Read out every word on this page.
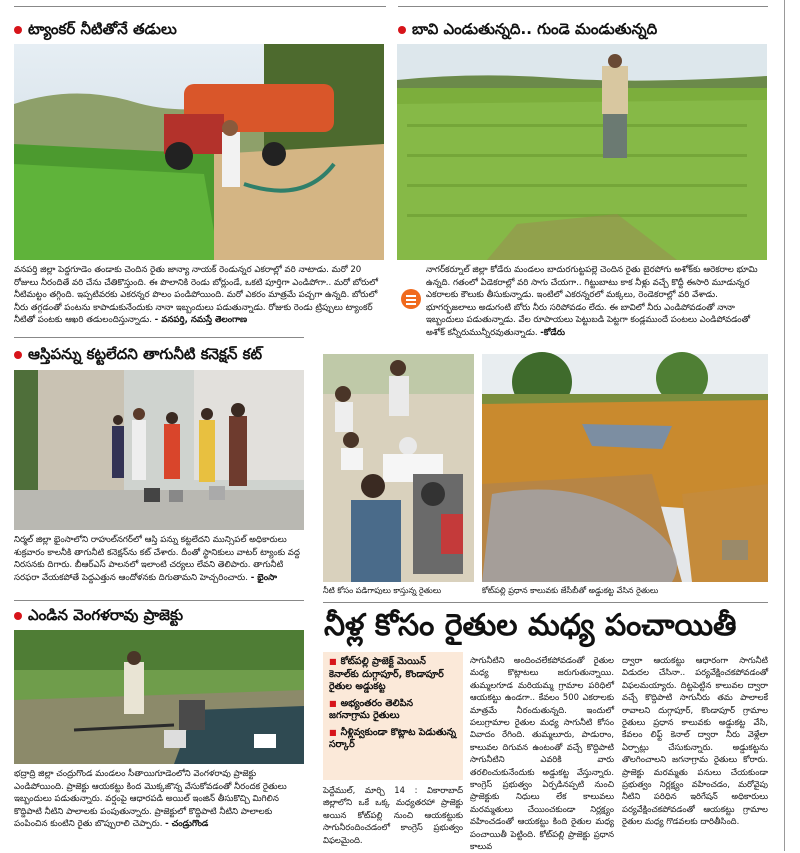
ట్యాంకర్ నీటితోనే తడులు
వనపర్తి జిల్లా పెద్దగూడెం తండాకు చెందిన రైతు జాన్యా నాయక్ రెండున్నర ఎకరాల్లో వరి నాటాడు. మరో 20 రోజులు నీరందితే వరి చేను చేతికొస్తుంది. ఈ పొలానికి రెండు బోర్లుండే, ఒకటి పూర్తిగా ఎండిపోగా.. మరో బోరులో నీటిమట్టం తగ్గింది. ఇప్పటివరకు ఎకరన్నర పొలం పండిపోయింది. మరో ఎకరం మాత్రమే పచ్చగా ఉన్నది. బోరులో నీరు తగ్గడంతో పంటను కాపాడుకునేందుకు నానా ఇబ్బందులు పడుతున్నాడు. రోజుకు రెండు ట్రిప్పులు ట్యాంకర్ నీటితో పంటకు ఆఖరి తడులందిస్తున్నాడు. - వనపర్తి, నమస్తే తెలంగాణ
బావి ఎండుతున్నది.. గుండె మండుతున్నది
నాగర్‌కర్నూల్ జిల్లా కోడేరు మండలం బాదురగుట్టపల్లె చెందిన రైతు బైరపోగు అశోక్‌కు ఆరెకరాల భూమి ఉన్నది. గతంలో ఏడెకరాల్లో వరి సాగు చేయగా.. గిట్టుబాటు కాక నీళ్లు వచ్చే కొద్దీ ఈసారి మూడున్నర ఎకరాలకు కౌలుకు తీసుకున్నాడు. ఇంటిలో ఎకరన్నరలో మక్కలు, రెండెకరాల్లో వరి వేశాడు. భూగర్భజలాలు అడుగంటి బోరు నీరు సరిపోవడం లేదు. ఈ బావిలో నీరు ఎండిపోవడంతో నానా ఇబ్బందులు పడుతున్నాడు. వేల రూపాయలు పెట్టుబడి పెట్టగా కండ్లముందే పంటలు ఎండిపోవడంతో అశోక్ కన్నీరుమున్నీరవుతున్నాడు. -కోడేరు
ఆస్తిపన్ను కట్టలేదని తాగునీటి కనెక్షన్ కట్
నిర్మల్ జిల్లా భైంసాలోని రాహుల్‌నగర్‌లో ఆస్తి పన్ను కట్టలేదని మున్సిపల్ అధికారులు శుక్రవారం కాలనీకి తాగునీటి కనెక్షన్‌ను కట్ చేశారు. దీంతో స్థానికులు వాటర్ ట్యాంకు వద్ద నిరసనకు దిగారు. బీఆర్‌ఎస్ పాలనలో ఇలాంటి చర్యలు లేవని తెలిపారు. తాగునీటి సరఫరా వేయకపోతే పెద్దఎత్తున ఆందోళనకు దిగుతామని హెచ్చరించారు. - భైంసా
నీటి కోసం పడిగాపులు కాస్తున్న రైతులు	కోట్‌పల్లి ప్రధాన కాలువకు జేసీబీతో అడ్డుకట్ట వేసిన రైతులు
ఎండిన వెంగళరావు ప్రాజెక్టు
భద్రాద్రి జిల్లా చంద్రుగొండ మండలం సీతాయిగూడెంలోని వెంగళరావు ప్రాజెక్టు ఎండిపోయింది. ప్రాజెక్టు ఆయకట్టు కింద మొక్కజొన్న వేసుకోవడంతో నీరందక రైతులు ఇబ్బందులు పడుతున్నారు. వర్షంపై ఆధారపడి అయిల్ ఇంజిన్ తీసుకొచ్చి మిగిలిన కొద్దిపాటి నీటిని పాలాలకు పంపుతున్నారు. ప్రాజెక్టులో కొద్దిపాటి నీటిని పాలాలకు పంపించిన కుంటిని రైతు బొప్పురాలి చెప్పారు. - చండ్రుగొండ
నీళ్ల కోసం రైతుల మధ్య పంచాయితీ
■ కోట్‌పల్లి ప్రాజెక్ట్ మెయిన్ కెనాల్‌కు దుగ్గాపూర్, కొండాపూర్ రైతుల అడ్డుకట్ట
■ అభ్యంతరం తెలిపిన జగనాగ్రామ రైతులు
■ నీళ్లివ్వకుండా కొట్లాట పెడుతున్న సర్కార్
పెద్దేముల్, మార్చి 14 : వికారాబాద్ జిల్లాలోని ఒకే ఒక్క మధ్యతరహా ప్రాజెక్టు అయిన కోట్‌పల్లి నుంచి ఆయకట్టుకు సాగునీరందించడంలో కాంగ్రెస్ ప్రభుత్వం విఫలమైంది.
సాగునీటిని అందించలేకపోవడంతో రైతుల మధ్య కొట్లాటలు జరుగుతున్నాయి. తుమ్మలగూడ మరియమ్మ గ్రామాల పరిధిలో ఆయకట్టు ఉండగా.. కేవలం 500 ఎకరాలకు మాత్రమే నీరందుతున్నది. ఇందులో పలుగ్రామాల రైతుల మధ్య సాగునీటి కోసం వివాదం రేగింది. తుమ్మలూరు, పాడురాం, కాలువల దిగువన ఉంటంతో వచ్చే కొద్దిపాటి సాగునీటిని ఎవరికి వారు తరలించుకునేందుకు అడ్డుకట్ట వేస్తున్నారు. కాంగ్రెస్ ప్రభుత్వం ఏర్పడినప్పటి నుంచి ప్రాజెక్టుకు నిధులు లేక కాలువలు మరమ్మతులు చేయించకుండా నిర్లక్ష్యం వహించడంతో ఆయకట్టు కింది రైతుల మధ్య పంచాయితీ పెట్టింది. కోట్‌పల్లి ప్రాజెక్టు ప్రధాన కాలువ
ద్వారా ఆయకట్టు ఆధారంగా సాగునీటి విడుదల చేసినా.. పర్యవేక్షించకపోవడంతో విఫలమయ్యారు. దిట్టపెట్టిన కాలువల ద్వారా వచ్చే కొద్దిపాటి సాగునీరు తమ పాలాలకే రావాలని దుగ్గాపూర్, కొండాపూర్ గ్రామాల రైతులు ప్రధాన కాలువకు అడ్డుకట్ట వేసి, కేవలం లిఫ్ట్ కెనాల్ ద్వారా నీరు వెళ్లేలా ఏర్పాట్లు చేసుకున్నారు. అడ్డుకట్టను తొలగించాలని జగనాగ్రామ రైతులు కోరారు. ప్రాజెక్టు మరమ్మతు పనులు చేయకుండా ప్రభుత్వం నిర్లక్ష్యం వహించడం, మరోవైపు నీటిని పరిధిన ఇరిగేషన్ అధికారులు పర్యవేక్షించకపోవడంతో ఆయకట్టు గ్రామాల రైతుల మధ్య గొడవలకు దారితీసింది.
